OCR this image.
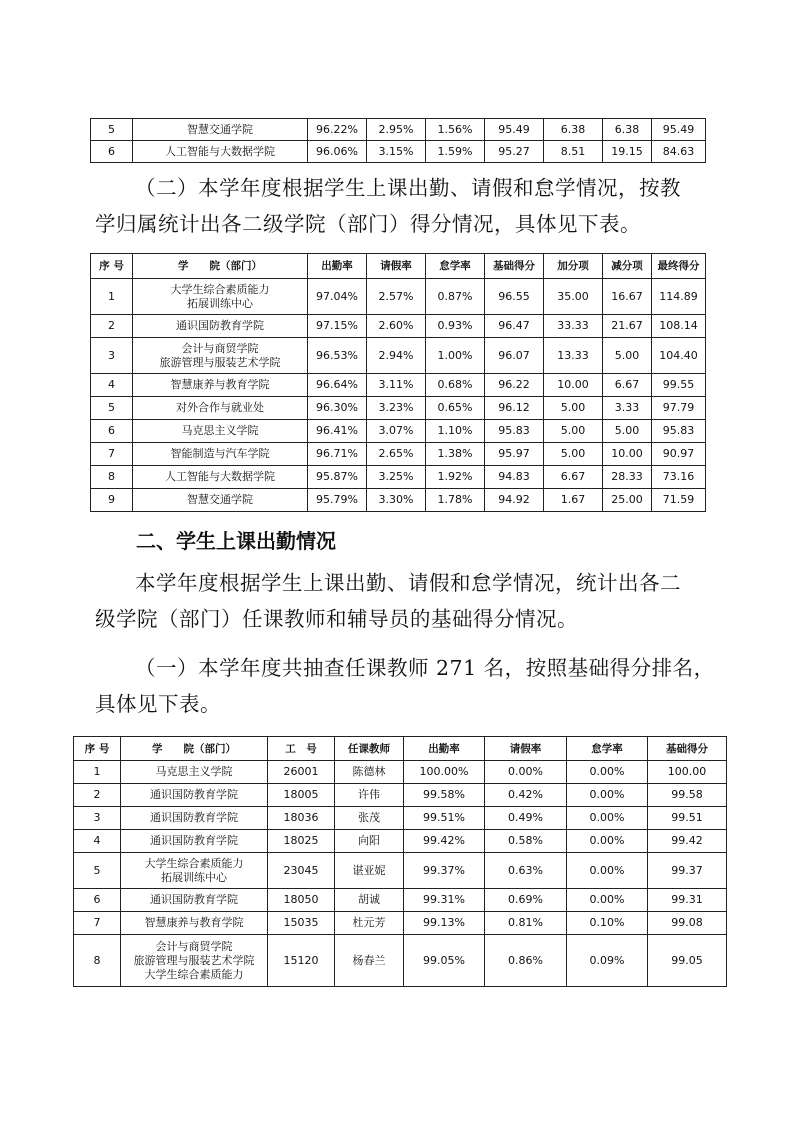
5	智慧交通学院	96.22%	2.95%	1.56%	95.49	6.38	6.38	95.49
6	人工智能与大数据学院	96.06%	3.15%	1.59%	95.27	8.51	19.15	84.63
（二）本学年度根据学生上课出勤、请假和怠学情况，按教
学归属统计出各二级学院（部门）得分情况，具体见下表。
序 号	学　　院（部门）	出勤率	请假率	怠学率	基础得分	加分项	减分项	最终得分
1	大学生综合素质能力
拓展训练中心	97.04%	2.57%	0.87%	96.55	35.00	16.67	114.89
2	通识国防教育学院	97.15%	2.60%	0.93%	96.47	33.33	21.67	108.14
3	会计与商贸学院
旅游管理与服装艺术学院	96.53%	2.94%	1.00%	96.07	13.33	5.00	104.40
4	智慧康养与教育学院	96.64%	3.11%	0.68%	96.22	10.00	6.67	99.55
5	对外合作与就业处	96.30%	3.23%	0.65%	96.12	5.00	3.33	97.79
6	马克思主义学院	96.41%	3.07%	1.10%	95.83	5.00	5.00	95.83
7	智能制造与汽车学院	96.71%	2.65%	1.38%	95.97	5.00	10.00	90.97
8	人工智能与大数据学院	95.87%	3.25%	1.92%	94.83	6.67	28.33	73.16
9	智慧交通学院	95.79%	3.30%	1.78%	94.92	1.67	25.00	71.59
二、学生上课出勤情况
本学年度根据学生上课出勤、请假和怠学情况，统计出各二
级学院（部门）任课教师和辅导员的基础得分情况。
（一）本学年度共抽查任课教师 271 名，按照基础得分排名，
具体见下表。
序 号	学　　院（部门）	工　号	任课教师	出勤率	请假率	怠学率	基础得分
1	马克思主义学院	26001	陈德林	100.00%	0.00%	0.00%	100.00
2	通识国防教育学院	18005	许伟	99.58%	0.42%	0.00%	99.58
3	通识国防教育学院	18036	张茂	99.51%	0.49%	0.00%	99.51
4	通识国防教育学院	18025	向阳	99.42%	0.58%	0.00%	99.42
5	大学生综合素质能力
拓展训练中心	23045	谌亚妮	99.37%	0.63%	0.00%	99.37
6	通识国防教育学院	18050	胡诚	99.31%	0.69%	0.00%	99.31
7	智慧康养与教育学院	15035	杜元芳	99.13%	0.81%	0.10%	99.08
8	会计与商贸学院
旅游管理与服装艺术学院
大学生综合素质能力	15120	杨春兰	99.05%	0.86%	0.09%	99.05
